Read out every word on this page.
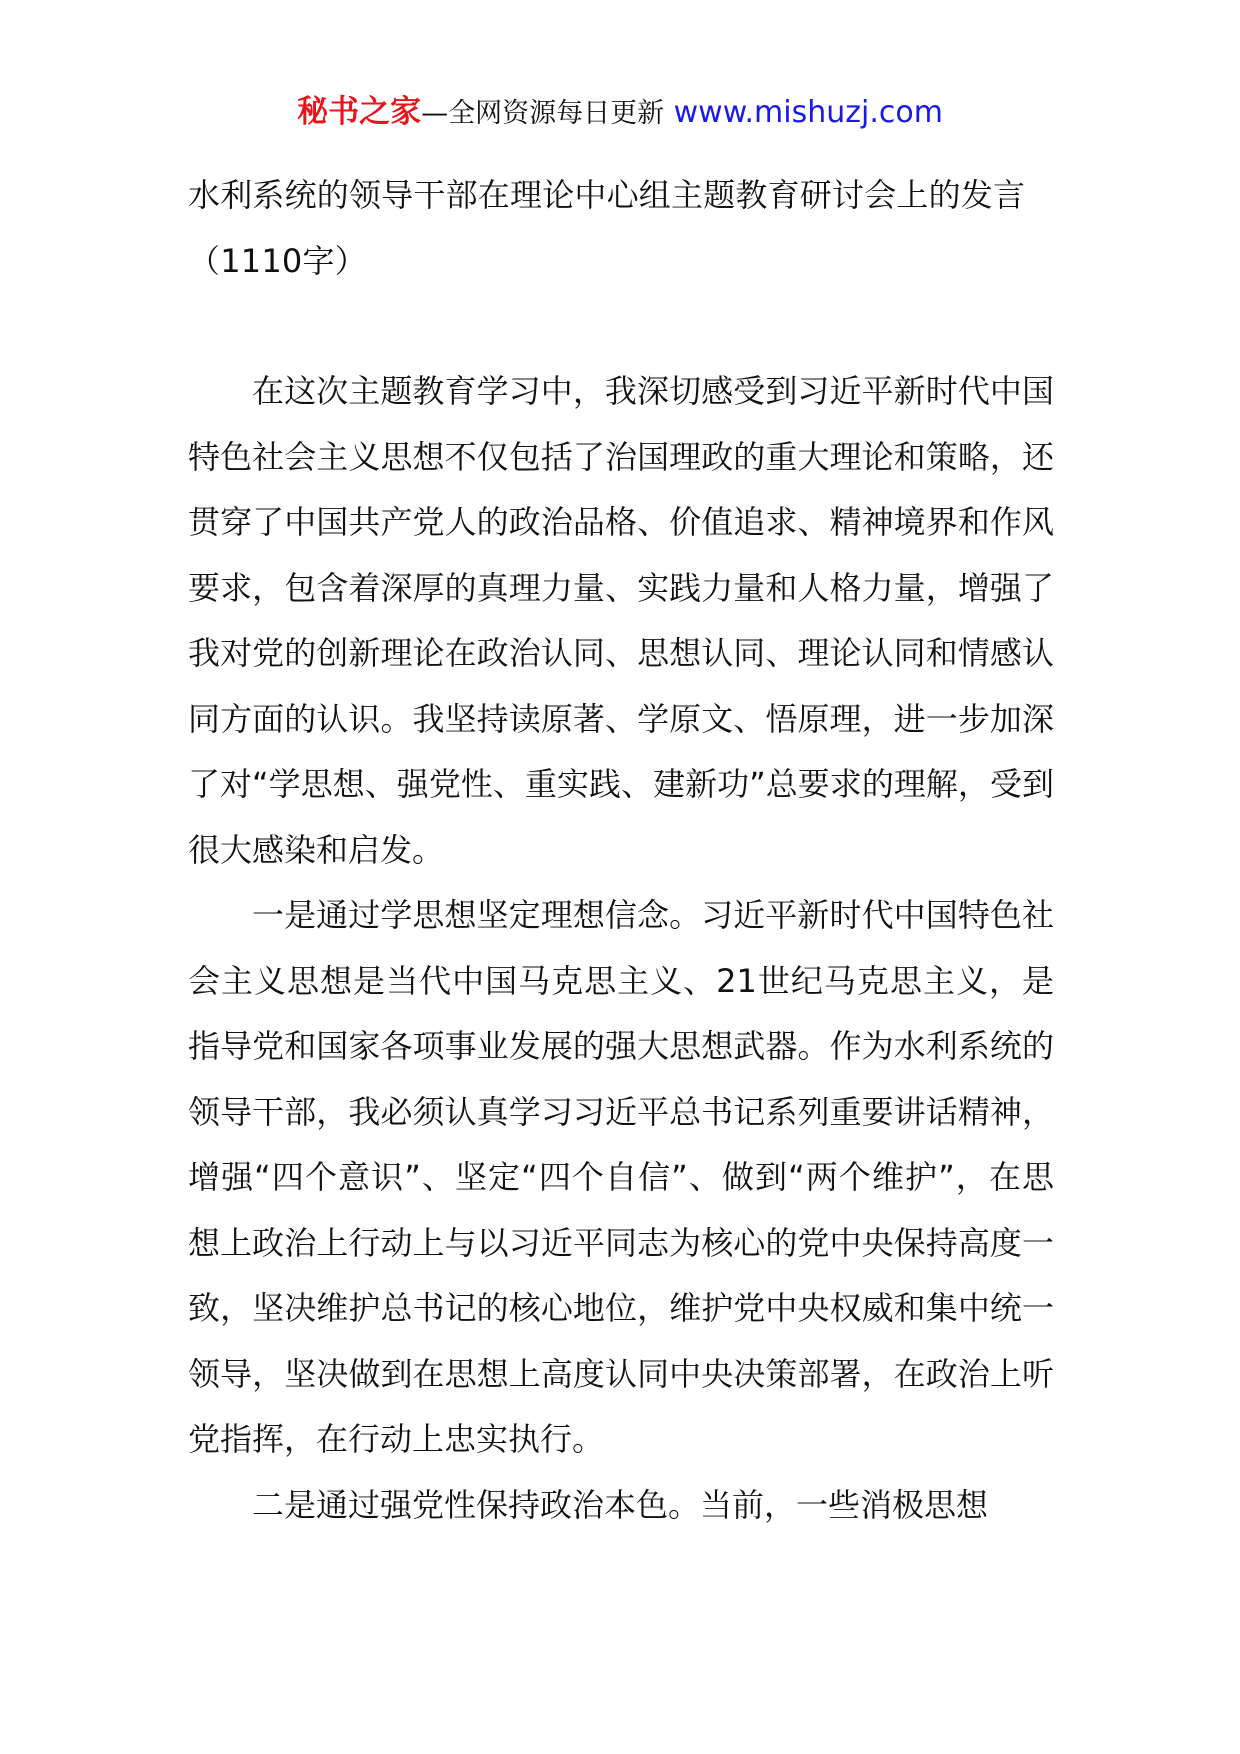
秘书之家—全网资源每日更新 www.mishuzj.com
水利系统的领导干部在理论中心组主题教育研讨会上的发言（1110字）

在这次主题教育学习中，我深切感受到习近平新时代中国特色社会主义思想不仅包括了治国理政的重大理论和策略，还贯穿了中国共产党人的政治品格、价值追求、精神境界和作风要求，包含着深厚的真理力量、实践力量和人格力量，增强了我对党的创新理论在政治认同、思想认同、理论认同和情感认同方面的认识。我坚持读原著、学原文、悟原理，进一步加深了对“学思想、强党性、重实践、建新功”总要求的理解，受到很大感染和启发。

一是通过学思想坚定理想信念。习近平新时代中国特色社会主义思想是当代中国马克思主义、21世纪马克思主义，是指导党和国家各项事业发展的强大思想武器。作为水利系统的领导干部，我必须认真学习习近平总书记系列重要讲话精神，增强“四个意识”、坚定“四个自信”、做到“两个维护”，在思想上政治上行动上与以习近平同志为核心的党中央保持高度一致，坚决维护总书记的核心地位，维护党中央权威和集中统一领导，坚决做到在思想上高度认同中央决策部署，在政治上听党指挥，在行动上忠实执行。

二是通过强党性保持政治本色。当前，一些消极思想
